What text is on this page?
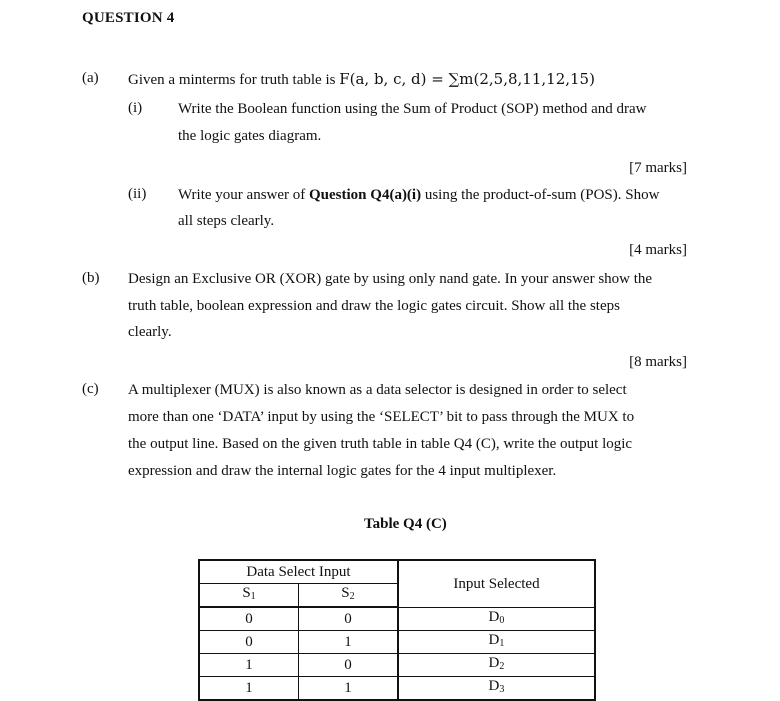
QUESTION 4
(a) Given a minterms for truth table is F(a, b, c, d) = ∑m(2,5,8,11,12,15)
(i) Write the Boolean function using the Sum of Product (SOP) method and draw
the logic gates diagram.
[7 marks]
(ii) Write your answer of Question Q4(a)(i) using the product-of-sum (POS). Show
all steps clearly.
[4 marks]
(b) Design an Exclusive OR (XOR) gate by using only nand gate. In your answer show the
truth table, boolean expression and draw the logic gates circuit. Show all the steps
clearly.
[8 marks]
(c) A multiplexer (MUX) is also known as a data selector is designed in order to select
more than one ‘DATA’ input by using the ‘SELECT’ bit to pass through the MUX to
the output line. Based on the given truth table in table Q4 (C), write the output logic
expression and draw the internal logic gates for the 4 input multiplexer.
Table Q4 (C)
Data Select Input		Input Selected
$S_1$	$S_2$
0	0	$D_0$
0	1	$D_1$
1	0	$D_2$
1	1	$D_3$
